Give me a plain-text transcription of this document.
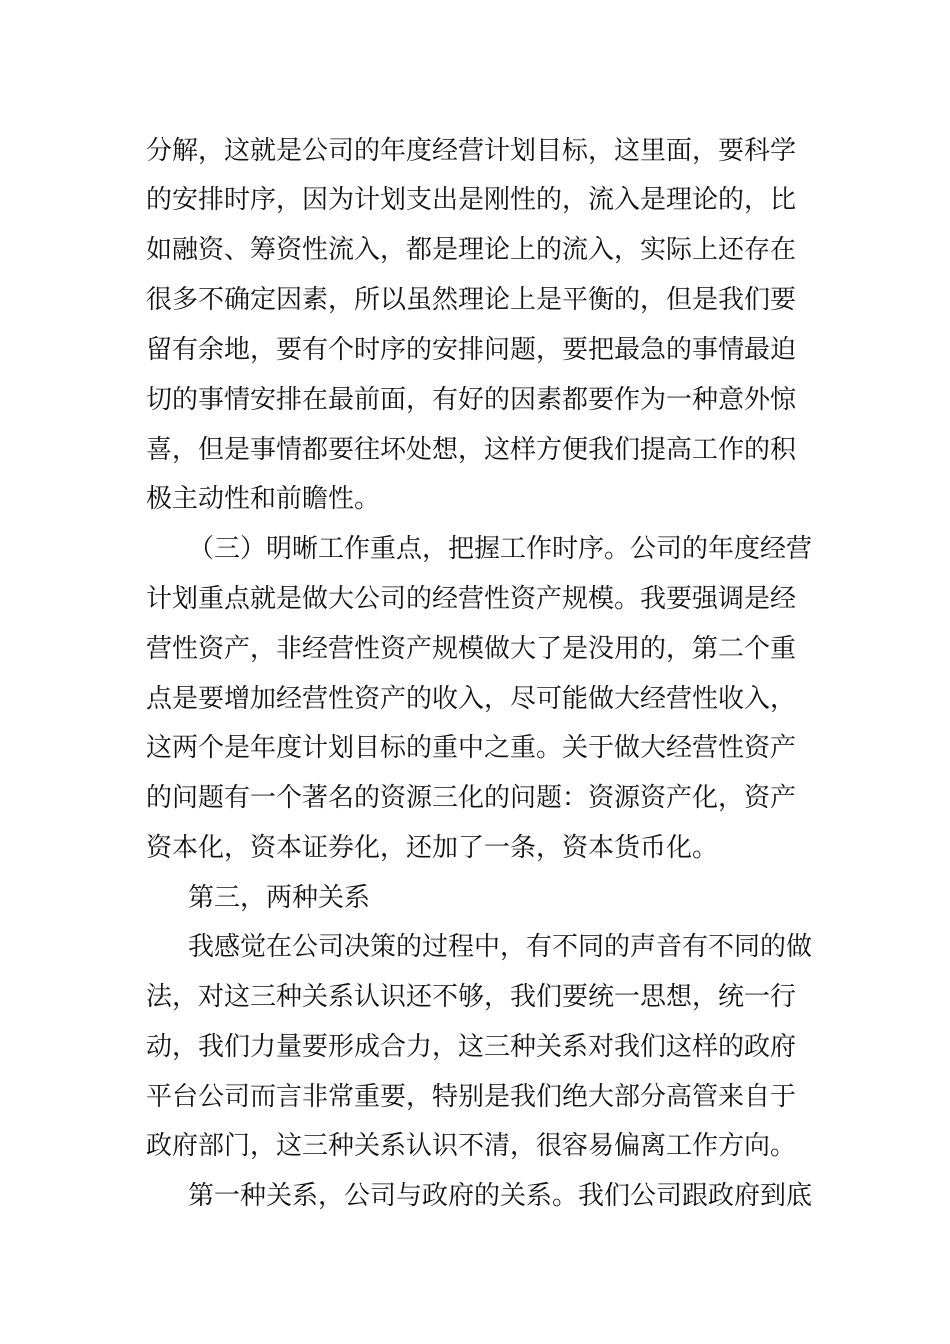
分解，这就是公司的年度经营计划目标，这里面，要科学

的安排时序，因为计划支出是刚性的，流入是理论的，比

如融资、筹资性流入，都是理论上的流入，实际上还存在

很多不确定因素，所以虽然理论上是平衡的，但是我们要

留有余地，要有个时序的安排问题，要把最急的事情最迫

切的事情安排在最前面，有好的因素都要作为一种意外惊

喜，但是事情都要往坏处想，这样方便我们提高工作的积

极主动性和前瞻性。

（三）明晰工作重点，把握工作时序。公司的年度经营

计划重点就是做大公司的经营性资产规模。我要强调是经

营性资产，非经营性资产规模做大了是没用的，第二个重

点是要增加经营性资产的收入，尽可能做大经营性收入，

这两个是年度计划目标的重中之重。关于做大经营性资产

的问题有一个著名的资源三化的问题：资源资产化，资产

资本化，资本证券化，还加了一条，资本货币化。

第三，两种关系

我感觉在公司决策的过程中，有不同的声音有不同的做

法，对这三种关系认识还不够，我们要统一思想，统一行

动，我们力量要形成合力，这三种关系对我们这样的政府

平台公司而言非常重要，特别是我们绝大部分高管来自于

政府部门，这三种关系认识不清，很容易偏离工作方向。

第一种关系，公司与政府的关系。我们公司跟政府到底
